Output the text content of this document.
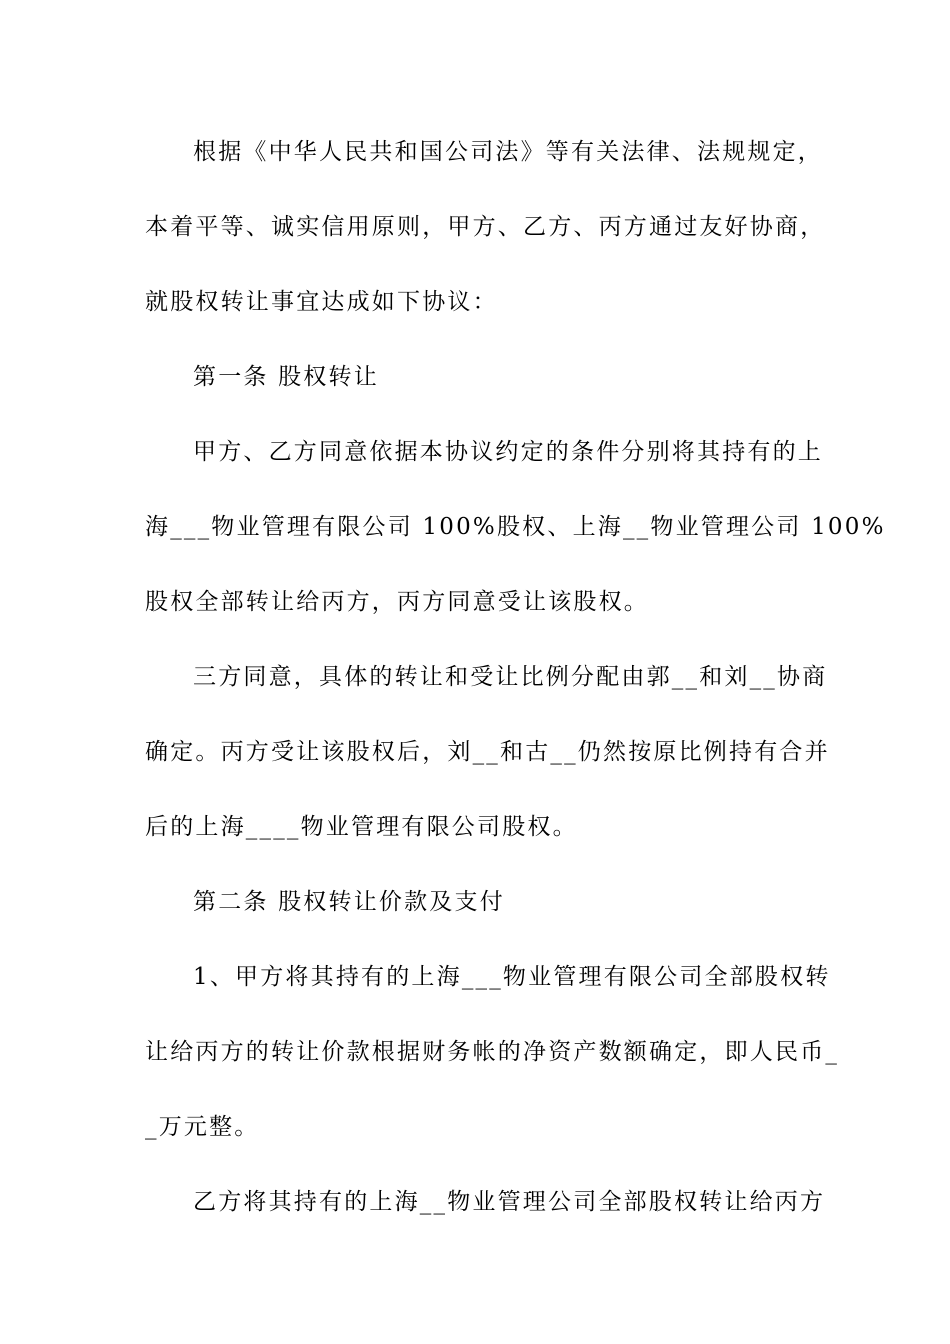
根据《中华人民共和国公司法》等有关法律、法规规定，
本着平等、诚实信用原则，甲方、乙方、丙方通过友好协商，
就股权转让事宜达成如下协议：
第一条 股权转让
甲方、乙方同意依据本协议约定的条件分别将其持有的上
海___物业管理有限公司 100%股权、上海__物业管理公司 100%
股权全部转让给丙方，丙方同意受让该股权。
三方同意，具体的转让和受让比例分配由郭__和刘__协商
确定。丙方受让该股权后，刘__和古__仍然按原比例持有合并
后的上海____物业管理有限公司股权。
第二条 股权转让价款及支付
1、甲方将其持有的上海___物业管理有限公司全部股权转
让给丙方的转让价款根据财务帐的净资产数额确定，即人民币_
_万元整。
乙方将其持有的上海__物业管理公司全部股权转让给丙方
